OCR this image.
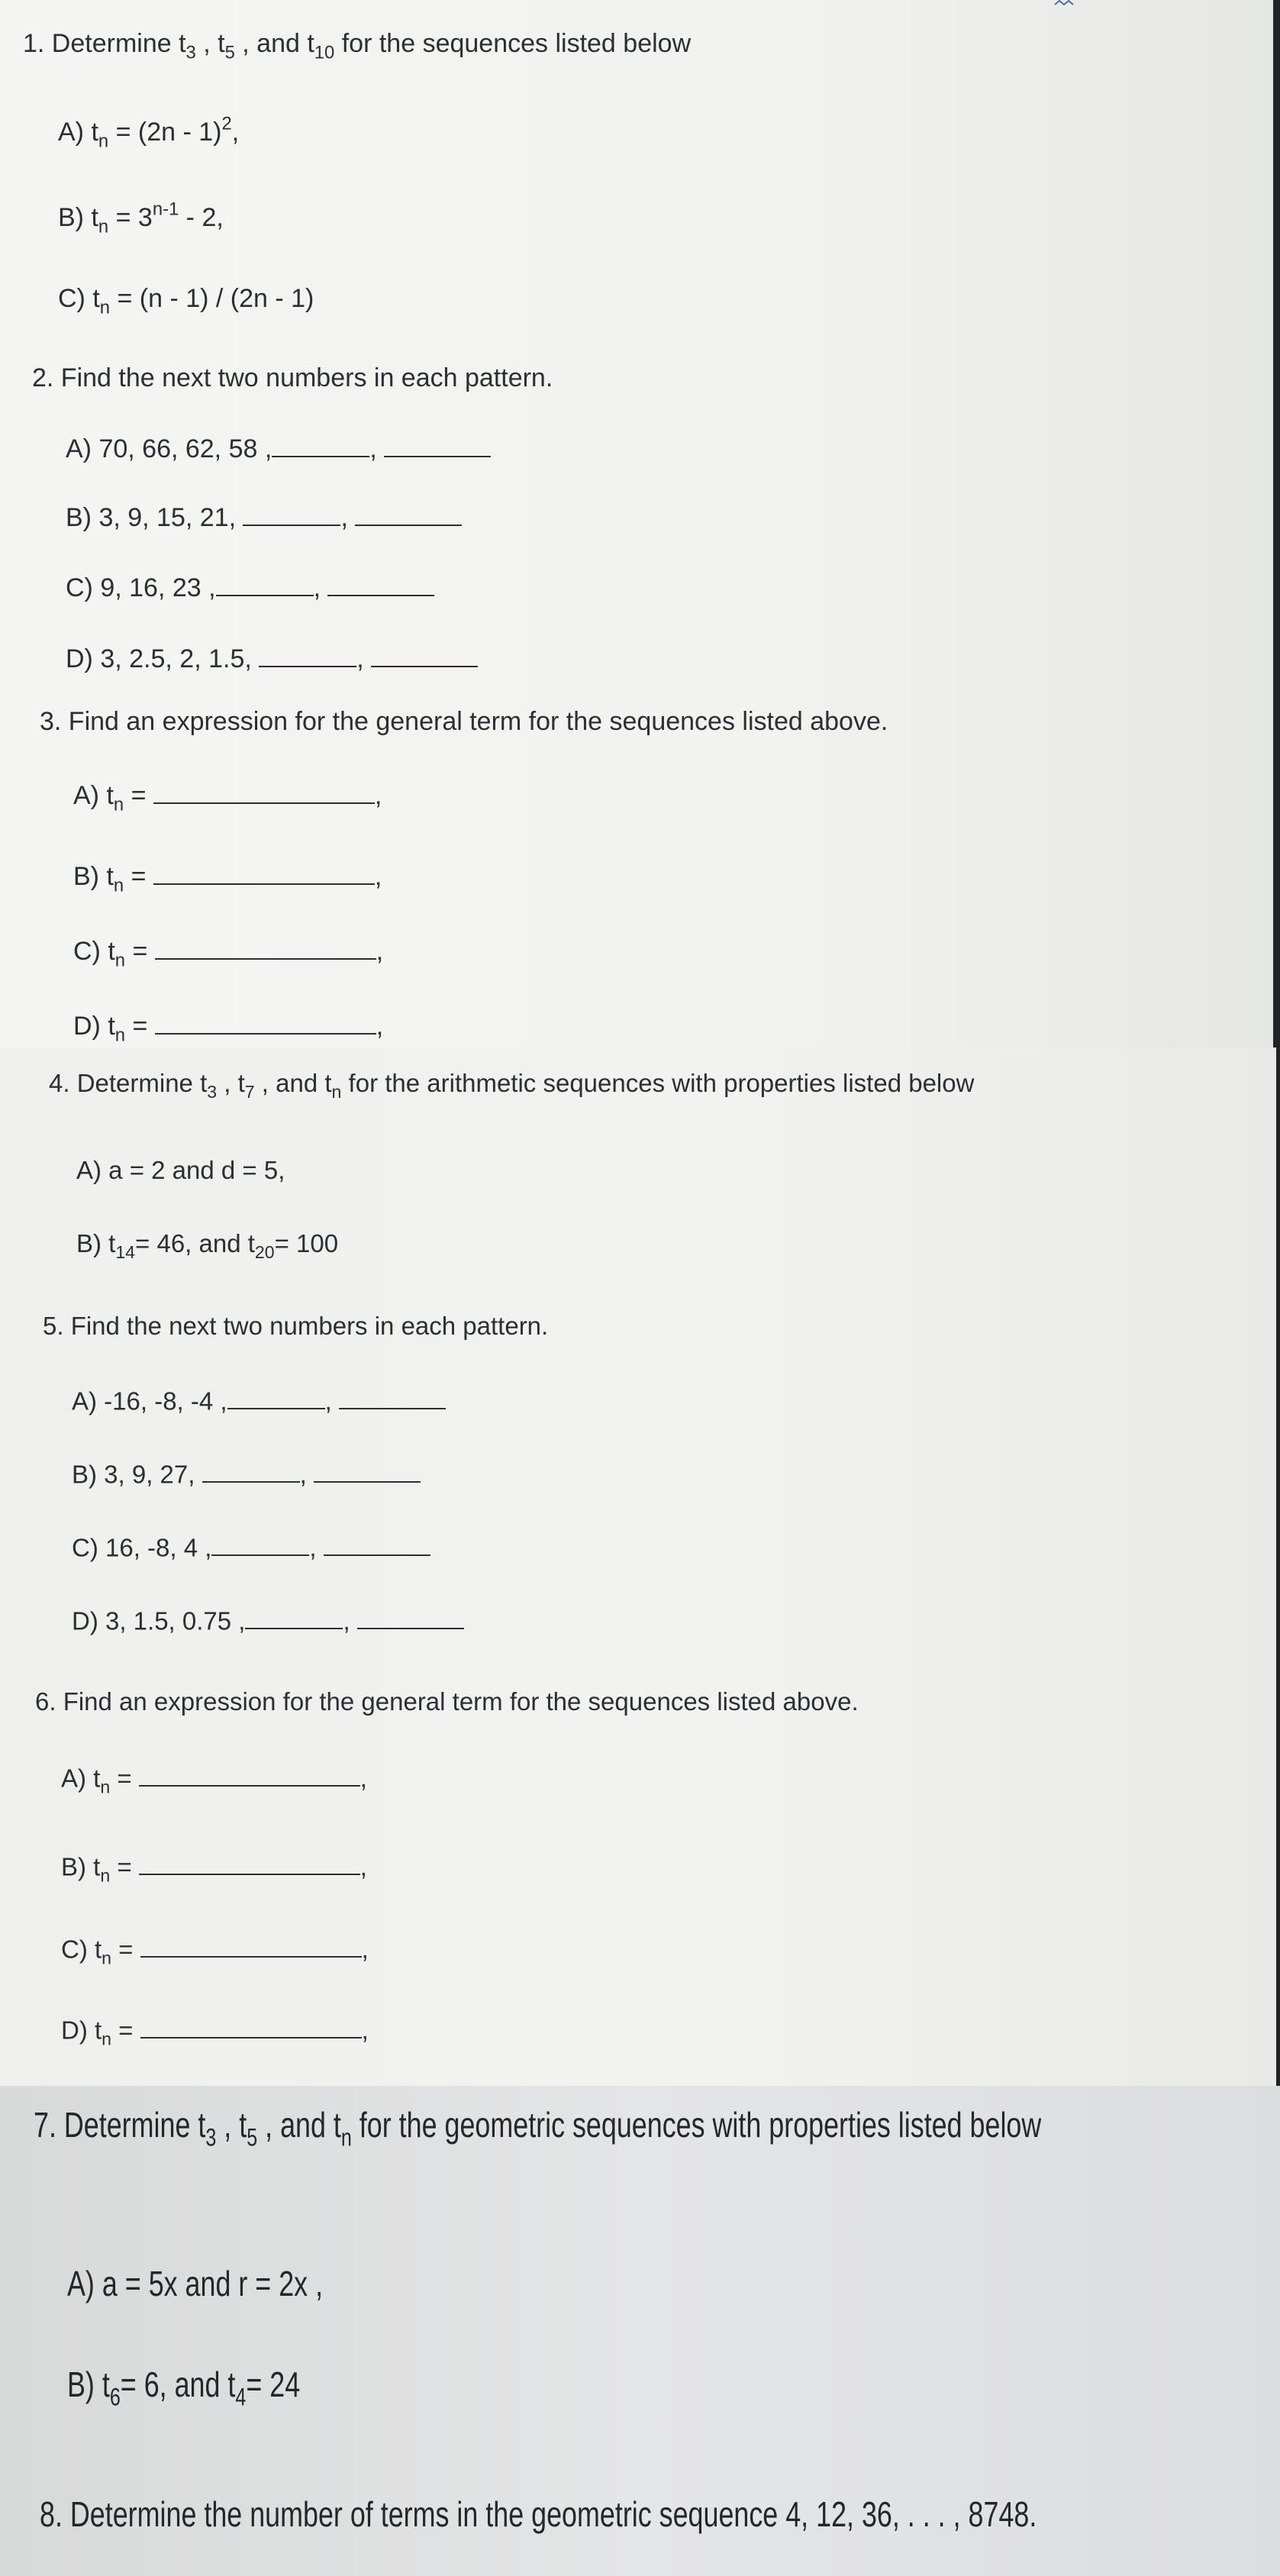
1. Determine $t_3$ , $t_5$ , and $t_{10}$ for the sequences listed below
A) $t_n = (2n - 1)^2$,
B) $t_n = 3^{n-1} - 2$,
C) $t_n = (n - 1) / (2n - 1)$
2. Find the next two numbers in each pattern.
A) 70, 66, 62, 58 ,	,
B) 3, 9, 15, 21,	,
C) 9, 16, 23 ,	,
D) 3, 2.5, 2, 1.5,	,
3. Find an expression for the general term for the sequences listed above.
A) $t_n$ =	,
B) $t_n$ =	,
C) $t_n$ =	,
D) $t_n$ =	,
4. Determine $t_3$ , $t_7$ , and $t_n$ for the arithmetic sequences with properties listed below
A) a = 2 and d = 5,
B) $t_{14}= 46$, and $t_{20}= 100$
5. Find the next two numbers in each pattern.
A) -16, -8, -4 ,	,
B) 3, 9, 27,	,
C) 16, -8, 4 ,	,
D) 3, 1.5, 0.75 ,	,
6. Find an expression for the general term for the sequences listed above.
A) $t_n$ =	,
B) $t_n$ =	,
C) $t_n$ =	,
D) $t_n$ =	,
7. Determine $t_3$ , $t_5$ , and $t_n$ for the geometric sequences with properties listed below
A) a = 5x and r = 2x ,
B) $t_6= 6$, and $t_4= 24$
8. Determine the number of terms in the geometric sequence 4, 12, 36, . . . , 8748.
